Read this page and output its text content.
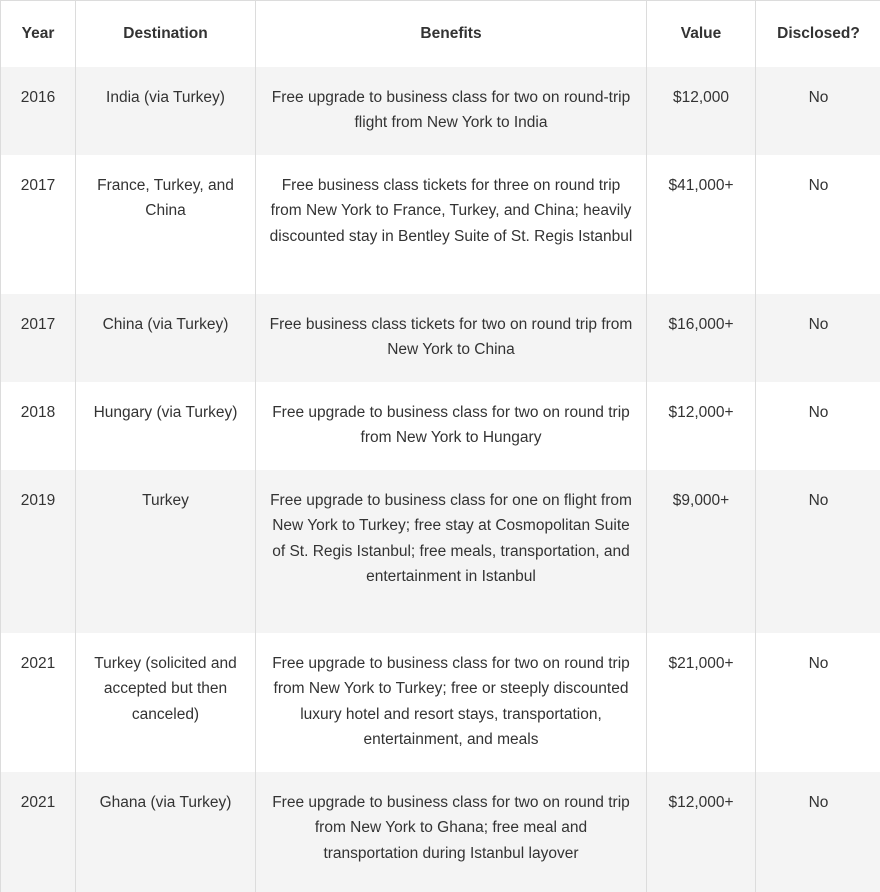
Year	Destination	Benefits	Value	Disclosed?
2016	India (via Turkey)	Free upgrade to business class for two on round-trip flight from New York to India	$12,000	No
2017	France, Turkey, and China	Free business class tickets for three on round trip from New York to France, Turkey, and China; heavily discounted stay in Bentley Suite of St. Regis Istanbul	$41,000+	No
2017	China (via Turkey)	Free business class tickets for two on round trip from New York to China	$16,000+	No
2018	Hungary (via Turkey)	Free upgrade to business class for two on round trip from New York to Hungary	$12,000+	No
2019	Turkey	Free upgrade to business class for one on flight from New York to Turkey; free stay at Cosmopolitan Suite of St. Regis Istanbul; free meals, transportation, and entertainment in Istanbul	$9,000+	No
2021	Turkey (solicited and accepted but then canceled)	Free upgrade to business class for two on round trip from New York to Turkey; free or steeply discounted luxury hotel and resort stays, transportation, entertainment, and meals	$21,000+	No
2021	Ghana (via Turkey)	Free upgrade to business class for two on round trip from New York to Ghana; free meal and transportation during Istanbul layover	$12,000+	No
